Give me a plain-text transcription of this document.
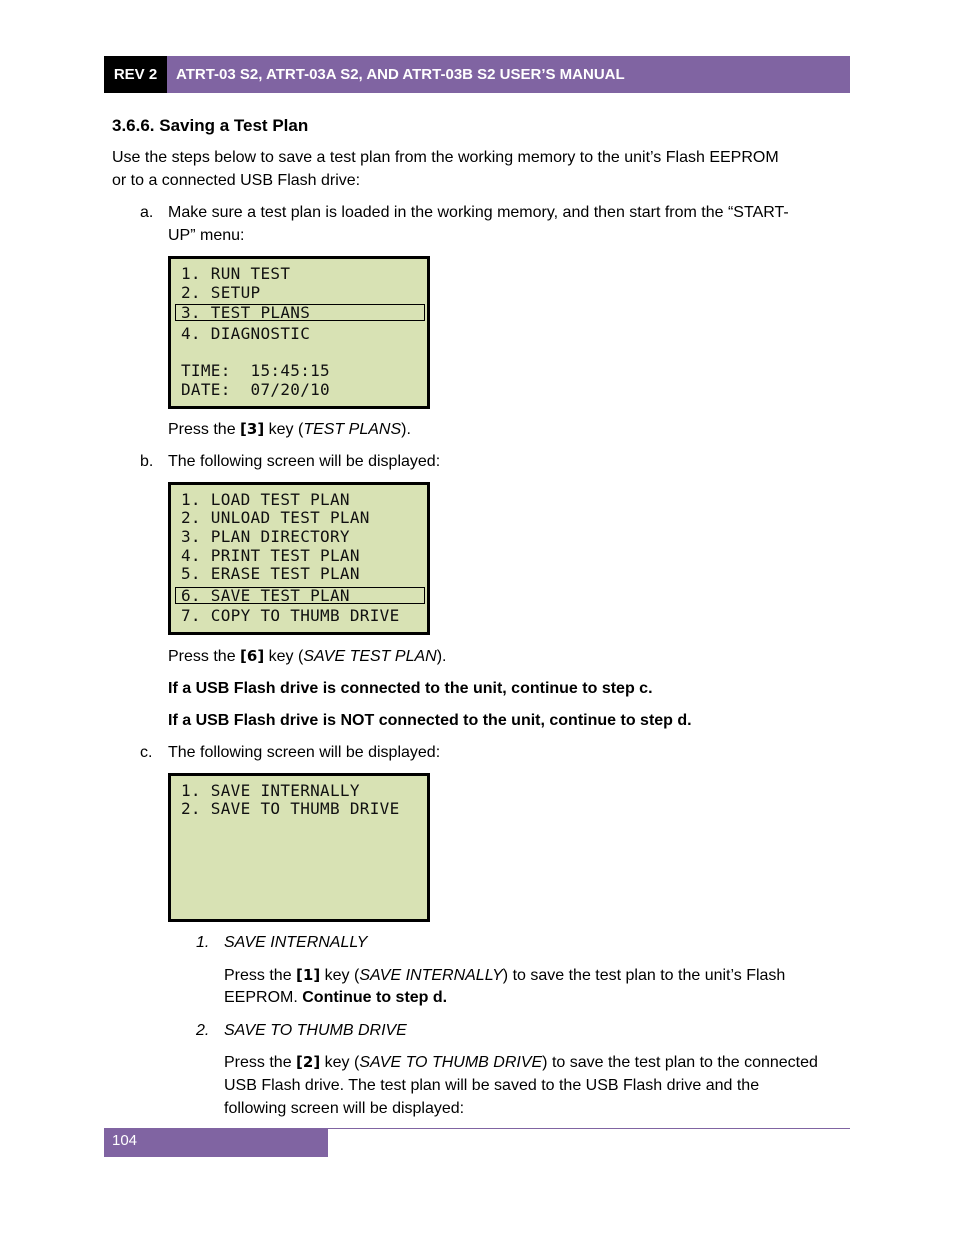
REV 2	ATRT-03 S2, ATRT-03A S2, AND ATRT-03B S2 USER’S MANUAL
3.6.6. Saving a Test Plan
Use the steps below to save a test plan from the working memory to the unit’s Flash EEPROM
or to a connected USB Flash drive:
a. Make sure a test plan is loaded in the working memory, and then start from the “START-
UP” menu:
1. RUN TEST
2. SETUP
3. TEST PLANS
4. DIAGNOSTIC
TIME:  15:45:15
DATE:  07/20/10
Press the [3] key (TEST PLANS).
b. The following screen will be displayed:
1. LOAD TEST PLAN
2. UNLOAD TEST PLAN
3. PLAN DIRECTORY
4. PRINT TEST PLAN
5. ERASE TEST PLAN
6. SAVE TEST PLAN
7. COPY TO THUMB DRIVE
Press the [6] key (SAVE TEST PLAN).
If a USB Flash drive is connected to the unit, continue to step c.
If a USB Flash drive is NOT connected to the unit, continue to step d.
c. The following screen will be displayed:
1. SAVE INTERNALLY
2. SAVE TO THUMB DRIVE
1. SAVE INTERNALLY
Press the [1] key (SAVE INTERNALLY) to save the test plan to the unit’s Flash
EEPROM. Continue to step d.
2. SAVE TO THUMB DRIVE
Press the [2] key (SAVE TO THUMB DRIVE) to save the test plan to the connected
USB Flash drive. The test plan will be saved to the USB Flash drive and the
following screen will be displayed:
104
